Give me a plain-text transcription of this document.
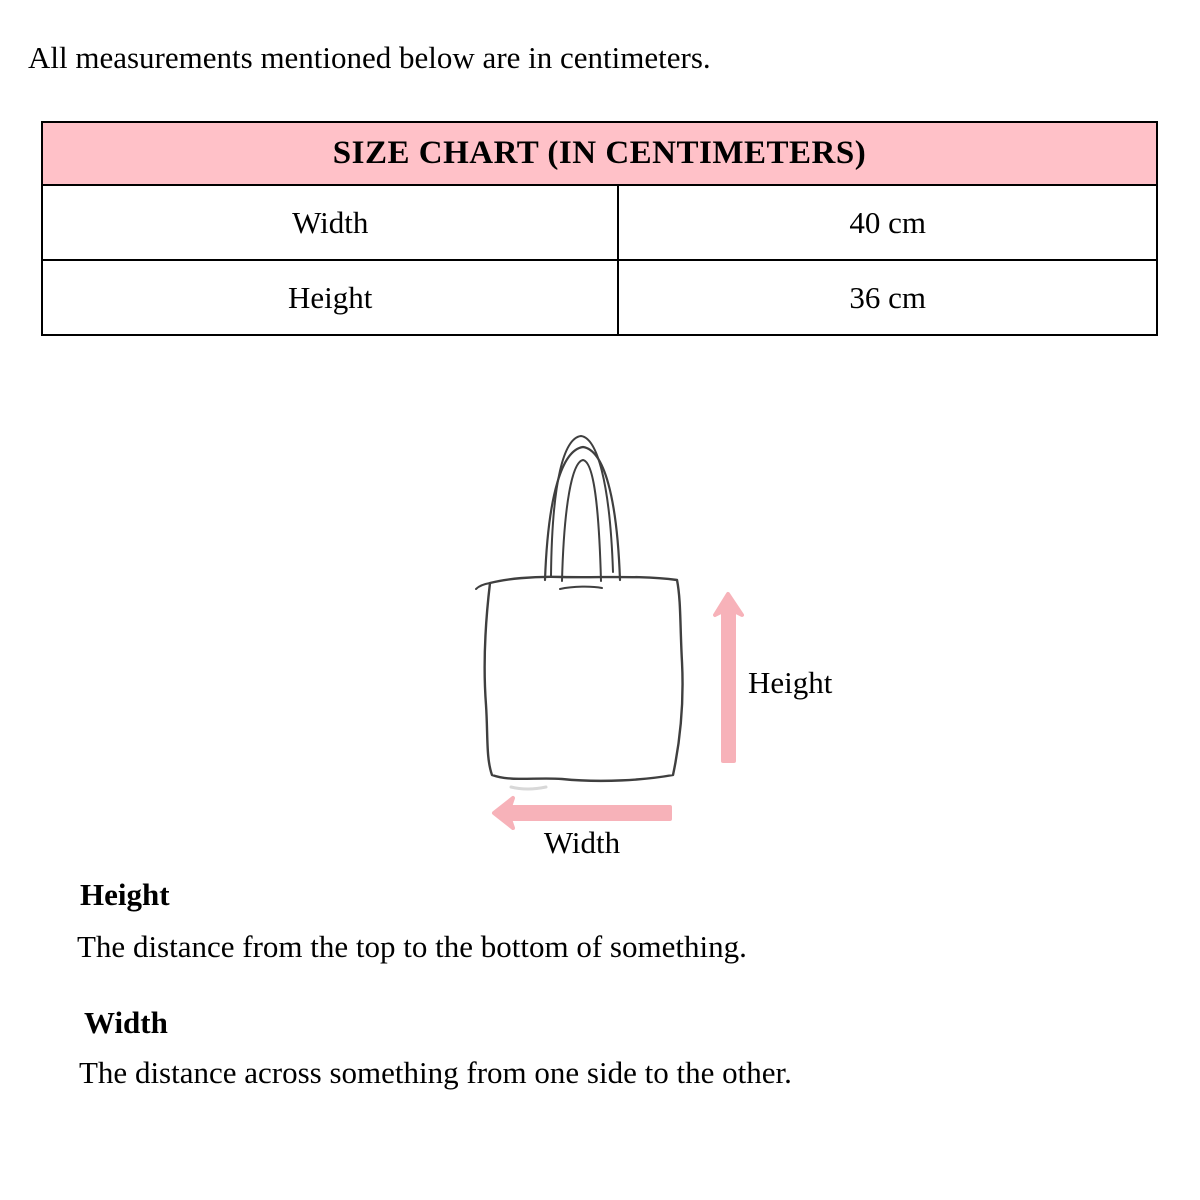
All measurements mentioned below are in centimeters.
SIZE CHART (IN CENTIMETERS)	
Width	40 cm
Height	36 cm
Height
Width
Height
The distance from the top to the bottom of something.
Width
The distance across something from one side to the other.
